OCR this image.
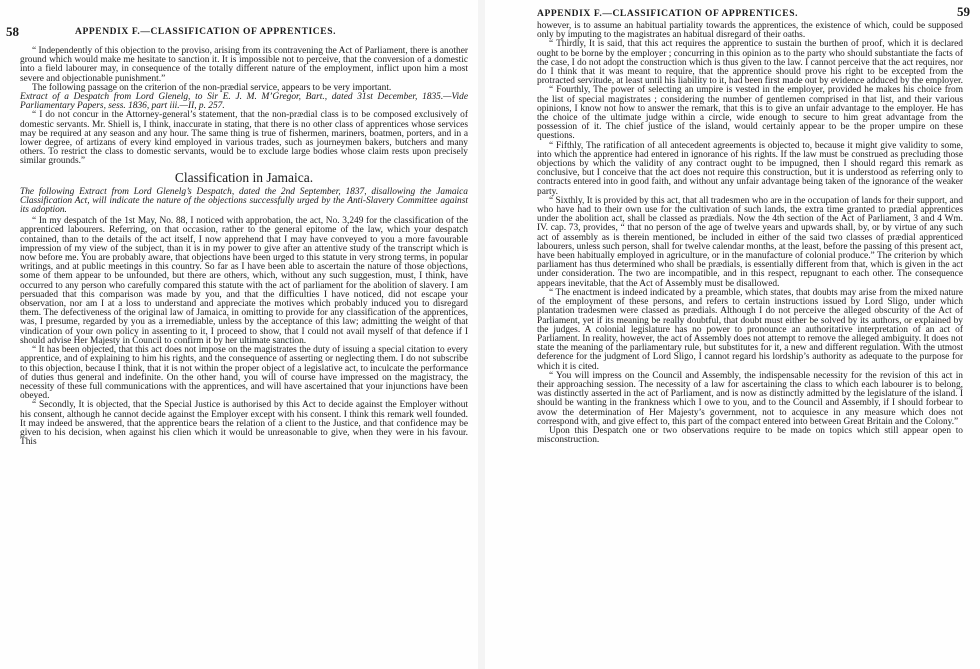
58	APPENDIX F.—CLASSIFICATION OF APPRENTICES.

“ Independently of this objection to the proviso, arising from its contravening the Act of Parliament, there is another ground which would make me hesitate to sanction it. It is impossible not to perceive, that the conversion of a domestic into a field labourer may, in consequence of the totally different nature of the employment, inflict upon him a most severe and objectionable punishment.”

The following passage on the criterion of the non-prædial service, appears to be very important.

Extract of a Despatch from Lord Glenelg, to Sir E. J. M. M’Gregor, Bart., dated 31st December, 1835.—Vide Parliamentary Papers, sess. 1836, part iii.—II, p. 257.

“ I do not concur in the Attorney-general’s statement, that the non-prædial class is to be composed exclusively of domestic servants. Mr. Shiell is, I think, inaccurate in stating, that there is no other class of apprentices whose services may be required at any season and any hour. The same thing is true of fishermen, mariners, boatmen, porters, and in a lower degree, of artizans of every kind employed in various trades, such as journeymen bakers, butchers and many others. To restrict the class to domestic servants, would be to exclude large bodies whose claim rests upon precisely similar grounds.”

Classification in Jamaica.

The following Extract from Lord Glenelg’s Despatch, dated the 2nd September, 1837, disallowing the Jamaica Classification Act, will indicate the nature of the objections successfully urged by the Anti-Slavery Committee against its adoption.

“ In my despatch of the 1st May, No. 88, I noticed with approbation, the act, No. 3,249 for the classification of the apprenticed labourers. Referring, on that occasion, rather to the general epitome of the law, which your despatch contained, than to the details of the act itself, I now apprehend that I may have conveyed to you a more favourable impression of my view of the subject, than it is in my power to give after an attentive study of the transcript which is now before me. You are probably aware, that objections have been urged to this statute in very strong terms, in popular writings, and at public meetings in this country. So far as I have been able to ascertain the nature of those objections, some of them appear to be unfounded, but there are others, which, without any such suggestion, must, I think, have occurred to any person who carefully compared this statute with the act of parliament for the abolition of slavery. I am persuaded that this comparison was made by you, and that the difficulties I have noticed, did not escape your observation, nor am I at a loss to understand and appreciate the motives which probably induced you to disregard them. The defectiveness of the original law of Jamaica, in omitting to provide for any classification of the apprentices, was, I presume, regarded by you as a irremediable, unless by the acceptance of this law; admitting the weight of that vindication of your own policy in assenting to it, I proceed to show, that I could not avail myself of that defence if I should advise Her Majesty in Council to confirm it by her ultimate sanction.

“ It has been objected, that this act does not impose on the magistrates the duty of issuing a special citation to every apprentice, and of explaining to him his rights, and the consequence of asserting or neglecting them. I do not subscribe to this objection, because I think, that it is not within the proper object of a legislative act, to inculcate the performance of duties thus general and indefinite. On the other hand, you will of course have impressed on the magistracy, the necessity of these full communications with the apprentices, and will have ascertained that your injunctions have been obeyed.

“ Secondly, It is objected, that the Special Justice is authorised by this Act to decide against the Employer without his consent, although he cannot decide against the Employer except with his consent. I think this remark well founded. It may indeed be answered, that the apprentice bears the relation of a client to the Justice, and that confidence may be given to his decision, when against his clien which it would be unreasonable to give, when they were in his favour. This

APPENDIX F.—CLASSIFICATION OF APPRENTICES.	59

however, is to assume an habitual partiality towards the apprentices, the existence of which, could be supposed only by imputing to the magistrates an habitual disregard of their oaths.

“ Thirdly, It is said, that this act requires the apprentice to sustain the burthen of proof, which it is declared ought to be borne by the employer ; concurring in this opinion as to the party who should substantiate the facts of the case, I do not adopt the construction which is thus given to the law. I cannot perceive that the act requires, nor do I think that it was meant to require, that the apprentice should prove his right to be excepted from the protracted servitude, at least until his liability to it, had been first made out by evidence adduced by the employer.

“ Fourthly, The power of selecting an umpire is vested in the employer, provided he makes his choice from the list of special magistrates ; considering the number of gentlemen comprised in that list, and their various opinions, I know not how to answer the remark, that this is to give an unfair advantage to the employer. He has the choice of the ultimate judge within a circle, wide enough to secure to him great advantage from the possession of it. The chief justice of the island, would certainly appear to be the proper umpire on these questions.

“ Fifthly, The ratification of all antecedent agreements is objected to, because it might give validity to some, into which the apprentice had entered in ignorance of his rights. If the law must be construed as precluding those objections by which the validity of any contract ought to be impugned, then I should regard this remark as conclusive, but I conceive that the act does not require this construction, but it is understood as referring only to contracts entered into in good faith, and without any unfair advantage being taken of the ignorance of the weaker party.

“ Sixthly, It is provided by this act, that all tradesmen who are in the occupation of lands for their support, and who have had to their own use for the cultivation of such lands, the extra time granted to prædial apprentices under the abolition act, shall be classed as prædials. Now the 4th section of the Act of Parliament, 3 and 4 Wm. IV. cap. 73, provides, “ that no person of the age of twelve years and upwards shall, by, or by virtue of any such act of assembly as is therein mentioned, be included in either of the said two classes of prædial apprenticed labourers, unless such person, shall for twelve calendar months, at the least, before the passing of this present act, have been habitually employed in agriculture, or in the manufacture of colonial produce.” The criterion by which parliament has thus determined who shall be prædials, is essentially different from that, which is given in the act under consideration. The two are incompatible, and in this respect, repugnant to each other. The consequence appears inevitable, that the Act of Assembly must be disallowed.

“ The enactment is indeed indicated by a preamble, which states, that doubts may arise from the mixed nature of the employment of these persons, and refers to certain instructions issued by Lord Sligo, under which plantation tradesmen were classed as prædials. Although I do not perceive the alleged obscurity of the Act of Parliament, yet if its meaning be really doubtful, that doubt must either be solved by its authors, or explained by the judges. A colonial legislature has no power to pronounce an authoritative interpretation of an act of Parliament. In reality, however, the act of Assembly does not attempt to remove the alleged ambiguity. It does not state the meaning of the parliamentary rule, but substitutes for it, a new and different regulation. With the utmost deference for the judgment of Lord Sligo, I cannot regard his lordship’s authority as adequate to the purpose for which it is cited.

“ You will impress on the Council and Assembly, the indispensable necessity for the revision of this act in their approaching session. The necessity of a law for ascertaining the class to which each labourer is to belong, was distinctly asserted in the act of Parliament, and is now as distinctly admitted by the legislature of the island. I should be wanting in the frankness which I owe to you, and to the Council and Assembly, if I should forbear to avow the determination of Her Majesty’s government, not to acquiesce in any measure which does not correspond with, and give effect to, this part of the compact entered into between Great Britain and the Colony.”

Upon this Despatch one or two observations require to be made on topics which still appear open to misconstruction.
